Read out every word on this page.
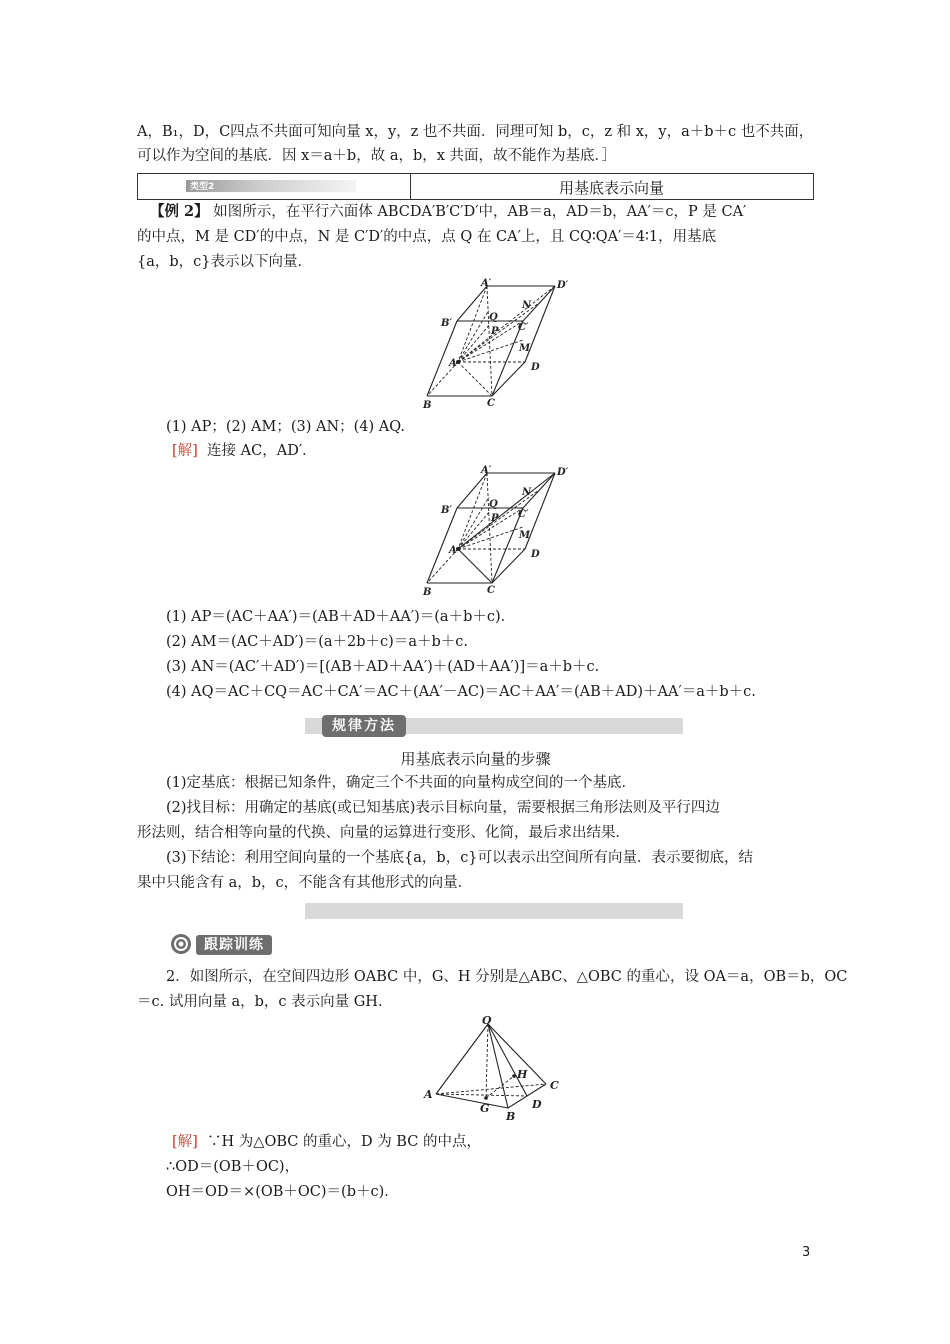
A，B₁，D，C四点不共面可知向量 x，y，z 也不共面．同理可知 b，c，z 和 x，y，a＋b＋c 也不共面，
可以作为空间的基底．因 x＝a＋b，故 a，b，x 共面，故不能作为基底．］
类型2	用基底表示向量
【例 2】 如图所示，在平行六面体 ABCDA′B′C′D′中，AB＝a，AD＝b，AA′＝c，P 是 CA′
的中点，M 是 CD′的中点，N 是 C′D′的中点，点 Q 在 CA′上，且 CQ∶QA′＝4∶1，用基底
{a，b，c}表示以下向量．
A′	D′
B′	C′
N
Q
P
M
A	D
B	C
(1) AP；(2) AM；(3) AN；(4) AQ.
[解] 连接 AC，AD′．
A′	D′
B′	C′
N
Q
P
M
A	D
B	C
(1) AP＝(AC＋AA′)＝(AB＋AD＋AA′)＝(a＋b＋c)．
(2) AM＝(AC＋AD′)＝(a＋2b＋c)＝a＋b＋c.
(3) AN＝(AC′＋AD′)＝[(AB＋AD＋AA′)＋(AD＋AA′)]＝a＋b＋c.
(4) AQ＝AC＋CQ＝AC＋CA′＝AC＋(AA′－AC)＝AC＋AA′＝(AB＋AD)＋AA′＝a＋b＋c.
规律方法
用基底表示向量的步骤
(1)定基底：根据已知条件，确定三个不共面的向量构成空间的一个基底．
(2)找目标：用确定的基底(或已知基底)表示目标向量，需要根据三角形法则及平行四边
形法则，结合相等向量的代换、向量的运算进行变形、化简，最后求出结果．
(3)下结论：利用空间向量的一个基底{a，b，c}可以表示出空间所有向量．表示要彻底，结
果中只能含有 a，b，c，不能含有其他形式的向量．
跟踪训练
2．如图所示，在空间四边形 OABC 中，G、H 分别是△ABC、△OBC 的重心，设 OA＝a，OB＝b，OC
＝c. 试用向量 a，b，c 表示向量 GH.
O
A
B
C
D
G
H
[解] ∵H 为△OBC 的重心，D 为 BC 的中点，
∴OD＝(OB＋OC)，
OH＝OD＝×(OB＋OC)＝(b＋c)．
3
